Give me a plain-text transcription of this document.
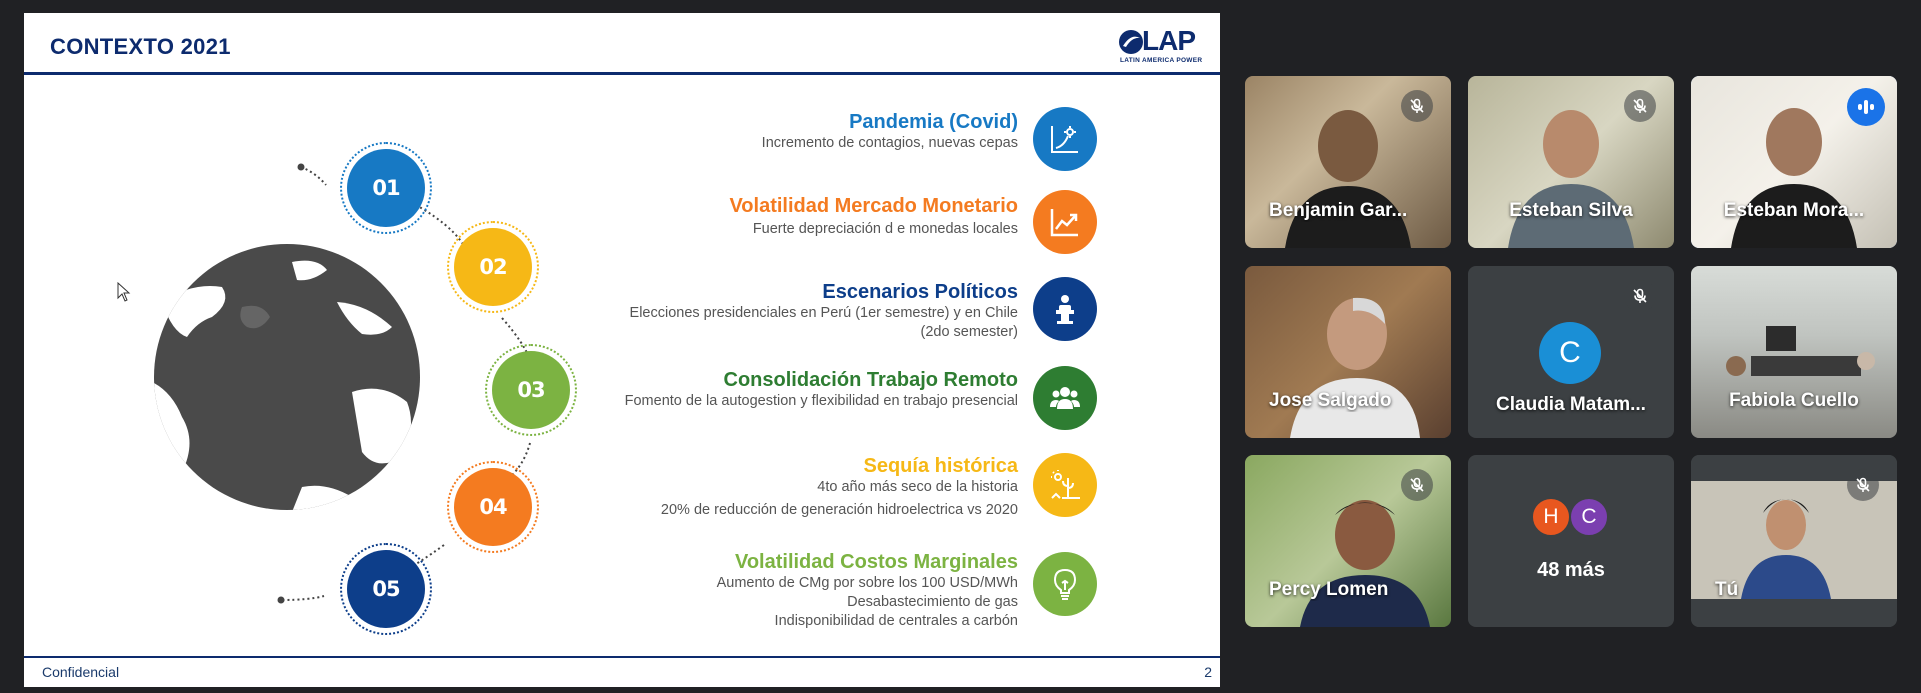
CONTEXTO 2021	LAP
LATIN AMERICA POWER
01
02
03
04
05
Pandemia (Covid)
Incremento de contagios, nuevas cepas
Volatilidad Mercado Monetario
Fuerte depreciación d e monedas locales
Escenarios Políticos
Elecciones presidenciales en Perú (1er semestre) y en Chile
(2do semester)
Consolidación Trabajo Remoto
Fomento de la autogestion y flexibilidad en trabajo presencial
Sequía histórica
4to año más seco de la historia
20% de reducción de generación hidroelectrica vs 2020
Volatilidad Costos Marginales
Aumento de CMg por sobre los 100 USD/MWh
Desabastecimiento de gas
Indisponibilidad de centrales a carbón
Confidencial	2
Benjamin Gar...	Esteban Silva	Esteban Mora...
Jose Salgado
C
Claudia Matam...	Fabiola Cuello
Percy Lomen
H	C
48 más
Tú
